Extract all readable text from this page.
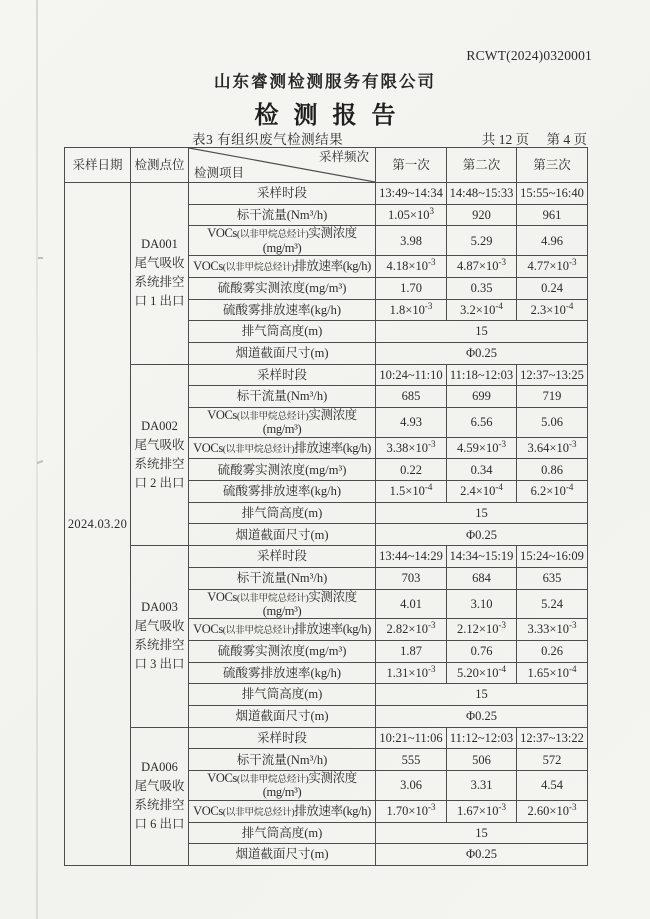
RCWT(2024)0320001
山东睿测检测服务有限公司
检测报告
表3 有组织废气检测结果	共 12 页 第 4 页
采样日期	检测点位	采样频次
检测项目	第一次	第二次	第三次
2024.03.20	DA001
尾气吸收
系统排空
口 1 出口	采样时段	13:49~14:34	14:48~15:33	15:55~16:40
		标干流量(Nm³/h)	$1.05\times 10^3$	920	961
		VOCs(以非甲烷总烃计)实测浓度(mg/m³)	3.98	5.29	4.96
		VOCs(以非甲烷总烃计)排放速率(kg/h)	$4.18\times 10^{-3}$	$4.87\times 10^{-3}$	$4.77\times 10^{-3}$
		硫酸雾实测浓度(mg/m³)	1.70	0.35	0.24
		硫酸雾排放速率(kg/h)	$1.8\times 10^{-3}$	$3.2\times 10^{-4}$	$2.3\times 10^{-4}$
		排气筒高度(m)	15		
		烟道截面尺寸(m)	Φ0.25		

	DA002
尾气吸收
系统排空
口 2 出口	采样时段	10:24~11:10	11:18~12:03	12:37~13:25
		标干流量(Nm³/h)	685	699	719
		VOCs(以非甲烷总烃计)实测浓度(mg/m³)	4.93	6.56	5.06
		VOCs(以非甲烷总烃计)排放速率(kg/h)	$3.38\times 10^{-3}$	$4.59\times 10^{-3}$	$3.64\times 10^{-3}$
		硫酸雾实测浓度(mg/m³)	0.22	0.34	0.86
		硫酸雾排放速率(kg/h)	$1.5\times 10^{-4}$	$2.4\times 10^{-4}$	$6.2\times 10^{-4}$
		排气筒高度(m)	15		
		烟道截面尺寸(m)	Φ0.25		

	DA003
尾气吸收
系统排空
口 3 出口	采样时段	13:44~14:29	14:34~15:19	15:24~16:09
		标干流量(Nm³/h)	703	684	635
		VOCs(以非甲烷总烃计)实测浓度(mg/m³)	4.01	3.10	5.24
		VOCs(以非甲烷总烃计)排放速率(kg/h)	$2.82\times 10^{-3}$	$2.12\times 10^{-3}$	$3.33\times 10^{-3}$
		硫酸雾实测浓度(mg/m³)	1.87	0.76	0.26
		硫酸雾排放速率(kg/h)	$1.31\times 10^{-3}$	$5.20\times 10^{-4}$	$1.65\times 10^{-4}$
		排气筒高度(m)	15		
		烟道截面尺寸(m)	Φ0.25		

	DA006
尾气吸收
系统排空
口 6 出口	采样时段	10:21~11:06	11:12~12:03	12:37~13:22
		标干流量(Nm³/h)	555	506	572
		VOCs(以非甲烷总烃计)实测浓度(mg/m³)	3.06	3.31	4.54
		VOCs(以非甲烷总烃计)排放速率(kg/h)	$1.70\times 10^{-3}$	$1.67\times 10^{-3}$	$2.60\times 10^{-3}$
		排气筒高度(m)	15		
		烟道截面尺寸(m)	Φ0.25		
